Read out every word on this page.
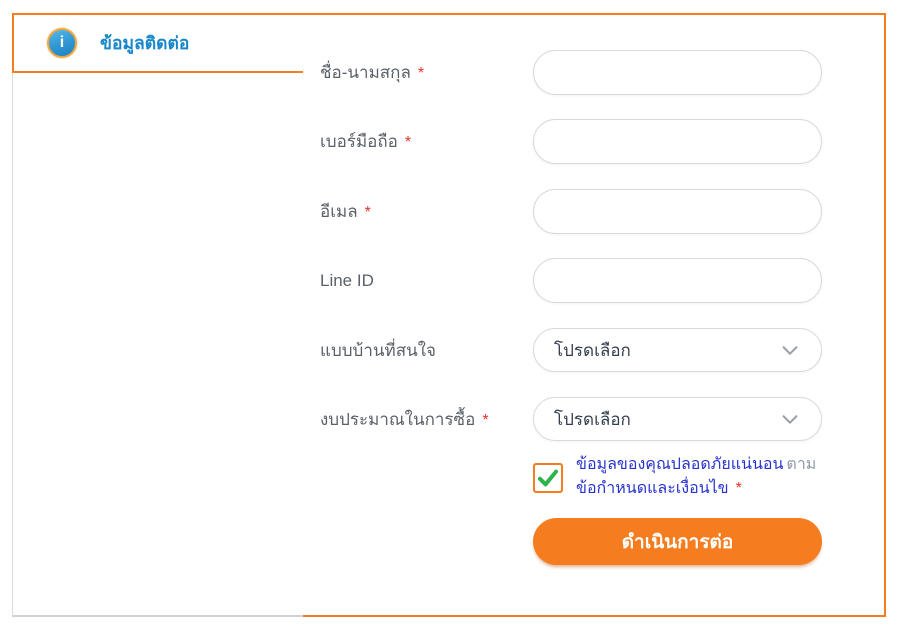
i ข้อมูลติดต่อ
ชื่อ-นามสกุล *
เบอร์มือถือ *
อีเมล *
Line ID
แบบบ้านที่สนใจ	โปรดเลือก
งบประมาณในการซื้อ *	โปรดเลือก
ข้อมูลของคุณปลอดภัยแน่นอน ตามข้อกำหนดและเงื่อนไข *
ดำเนินการต่อ
